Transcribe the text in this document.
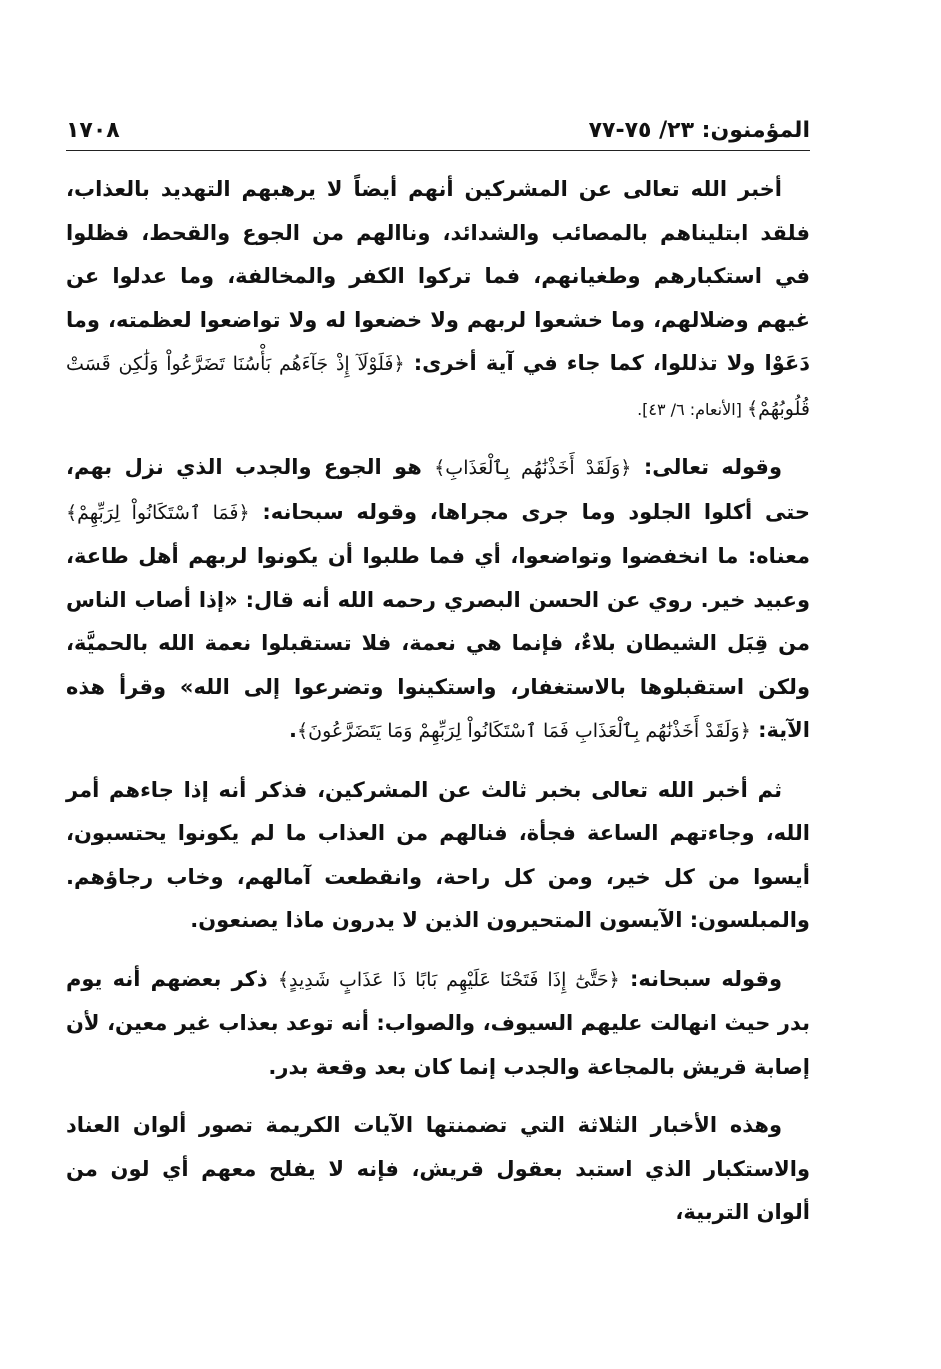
١٧٠٨	المؤمنون: ٢٣/ ٧٥-٧٧

أخبر الله تعالى عن المشركين أنهم أيضاً لا يرهبهم التهديد بالعذاب، فلقد ابتليناهم بالمصائب والشدائد، وناالهم من الجوع والقحط، فظلوا في استكبارهم وطغيانهم، فما تركوا الكفر والمخالفة، وما عدلوا عن غيهم وضلالهم، وما خشعوا لربهم ولا خضعوا له ولا تواضعوا لعظمته، وما دَعَوْا ولا تذللوا، كما جاء في آية أخرى: ﴿فَلَوْلَآ إِذْ جَآءَهُم بَأْسُنَا تَضَرَّعُواْ وَلَٰكِن قَسَتْ قُلُوبُهُمْ﴾ [الأنعام: ٦/ ٤٣].

وقوله تعالى: ﴿وَلَقَدْ أَخَذْنَٰهُم بِٱلْعَذَابِ﴾ هو الجوع والجدب الذي نزل بهم، حتى أكلوا الجلود وما جرى مجراها، وقوله سبحانه: ﴿فَمَا ٱسْتَكَانُواْ لِرَبِّهِمْ﴾ معناه: ما انخفضوا وتواضعوا، أي فما طلبوا أن يكونوا لربهم أهل طاعة، وعبيد خير. روي عن الحسن البصري رحمه الله أنه قال: «إذا أصاب الناس من قِبَل الشيطان بلاءٌ، فإنما هي نعمة، فلا تستقبلوا نعمة الله بالحميَّة، ولكن استقبلوها بالاستغفار، واستكينوا وتضرعوا إلى الله» وقرأ هذه الآية: ﴿وَلَقَدْ أَخَذْنَٰهُم بِٱلْعَذَابِ فَمَا ٱسْتَكَانُواْ لِرَبِّهِمْ وَمَا يَتَضَرَّعُونَ﴾.

ثم أخبر الله تعالى بخبر ثالث عن المشركين، فذكر أنه إذا جاءهم أمر الله، وجاءتهم الساعة فجأة، فنالهم من العذاب ما لم يكونوا يحتسبون، أيسوا من كل خير، ومن كل راحة، وانقطعت آمالهم، وخاب رجاؤهم. والمبلسون: الآيسون المتحيرون الذين لا يدرون ماذا يصنعون.

وقوله سبحانه: ﴿حَتَّىٰٓ إِذَا فَتَحْنَا عَلَيْهِم بَابًا ذَا عَذَابٍ شَدِيدٍ﴾ ذكر بعضهم أنه يوم بدر حيث انهالت عليهم السيوف، والصواب: أنه توعد بعذاب غير معين، لأن إصابة قريش بالمجاعة والجدب إنما كان بعد وقعة بدر.

وهذه الأخبار الثلاثة التي تضمنتها الآيات الكريمة تصور ألوان العناد والاستكبار الذي استبد بعقول قريش، فإنه لا يفلح معهم أي لون من ألوان التربية،
